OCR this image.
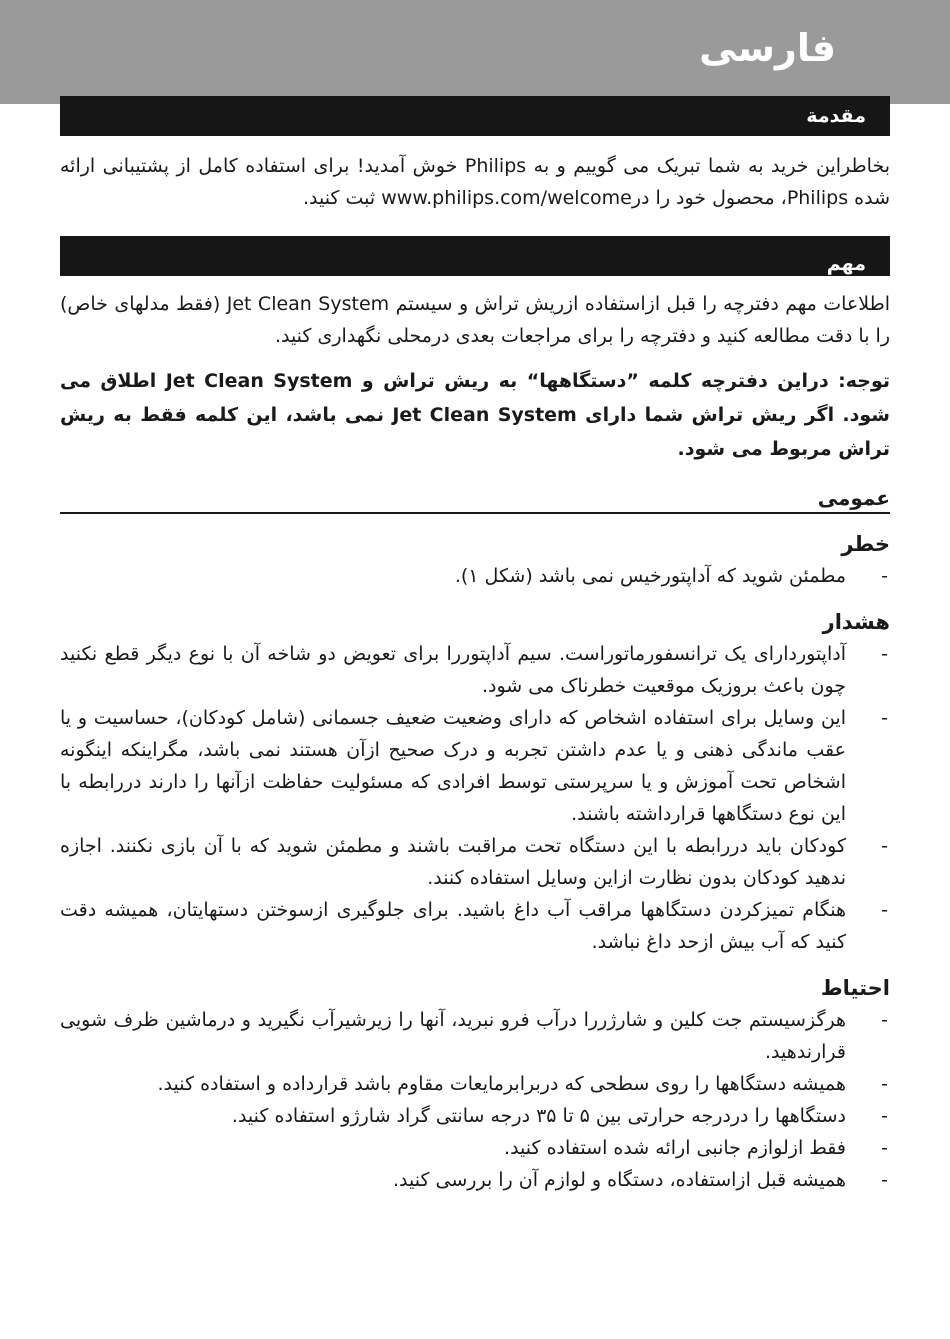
فارسی
مقدمة

بخاطراین خرید به شما تبریک می گوییم و به Philips خوش آمدید! برای استفاده کامل از پشتیبانی ارائه شده Philips، محصول خود را درwww.philips.com/welcome ثبت کنید.

مهم

اطلاعات مهم دفترچه را قبل ازاستفاده ازریش تراش و سیستم Jet Clean System (فقط مدلهای خاص) را با دقت مطالعه کنید و دفترچه را برای مراجعات بعدی درمحلی نگهداری کنید.

توجه: دراین دفترچه کلمه ”دستگاهها“ به ریش تراش و Jet Clean System اطلاق می شود. اگر ریش تراش شما دارای Jet Clean System نمی باشد، این کلمه فقط به ریش تراش مربوط می شود.

عمومی
خطر
-
مطمئن شوید که آداپتورخیس نمی باشد (شکل ۱).
هشدار
-
آداپتوردارای یک ترانسفورماتوراست. سیم آداپتوررا برای تعویض دو شاخه آن با نوع دیگر قطع نکنید چون باعث بروزیک موقعیت خطرناک می شود.
-
این وسایل برای استفاده اشخاص که دارای وضعیت ضعیف جسمانی (شامل کودکان)، حساسیت و یا عقب ماندگی ذهنی و یا عدم داشتن تجربه و درک صحیح ازآن هستند نمی باشد، مگراینکه اینگونه اشخاص تحت آموزش و یا سرپرستی توسط افرادی که مسئولیت حفاظت ازآنها را دارند دررابطه با این نوع دستگاهها قرارداشته باشند.
-
کودکان باید دررابطه با این دستگاه تحت مراقبت باشند و مطمئن شوید که با آن بازی نکنند. اجازه ندهید کودکان بدون نظارت ازاین وسایل استفاده کنند.
-
هنگام تمیزکردن دستگاهها مراقب آب داغ باشید. برای جلوگیری ازسوختن دستهایتان، همیشه دقت کنید که آب بیش ازحد داغ نباشد.
احتیاط
-
هرگزسیستم جت کلین و شارژررا درآب فرو نبرید، آنها را زیرشیرآب نگیرید و درماشین ظرف شویی قرارندهید.
-
همیشه دستگاهها را روی سطحی که دربرابرمایعات مقاوم باشد قرارداده و استفاده کنید.
-
دستگاهها را دردرجه حرارتی بین ۵ تا ۳۵ درجه سانتی گراد شارژو استفاده کنید.
-
فقط ازلوازم جانبی ارائه شده استفاده کنید.
-
همیشه قبل ازاستفاده، دستگاه و لوازم آن را بررسی کنید.
